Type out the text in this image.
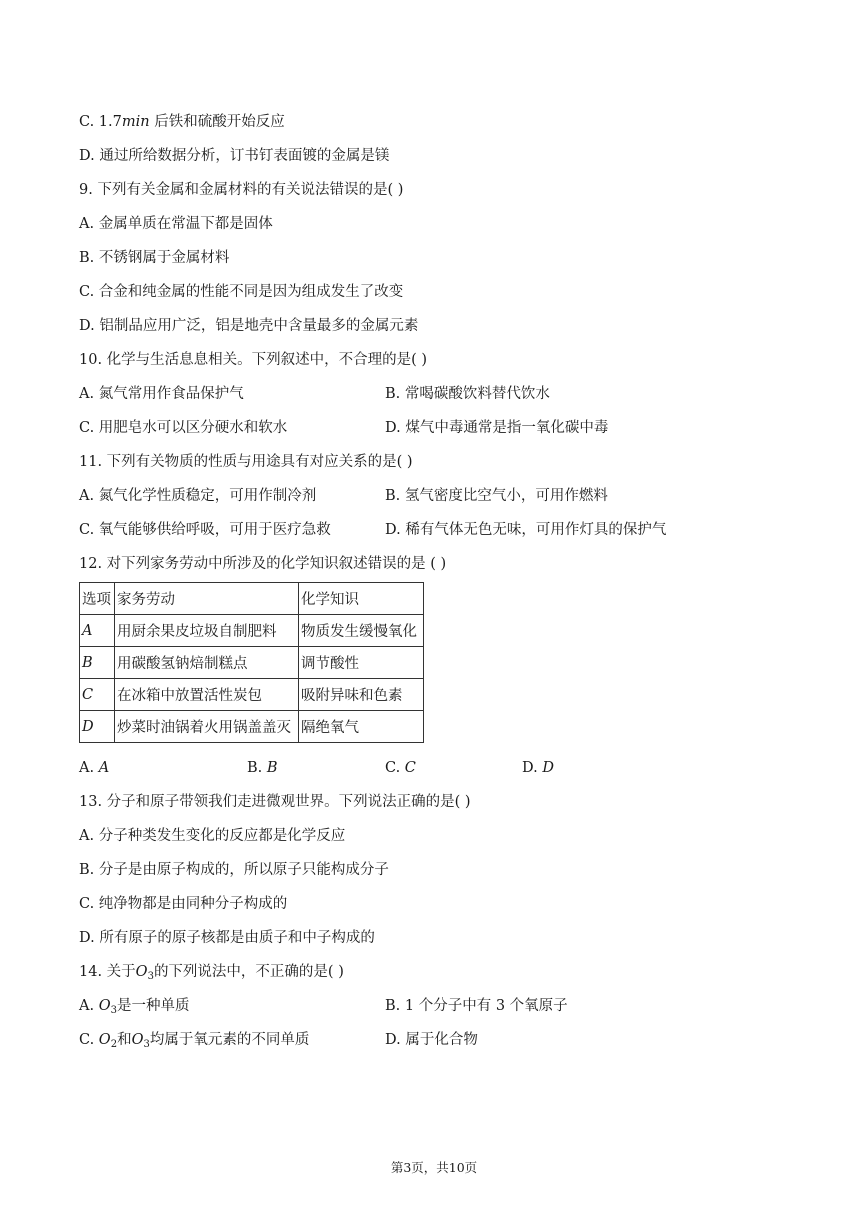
C. 1.7min 后铁和硫酸开始反应
D. 通过所给数据分析，订书钉表面镀的金属是镁
9. 下列有关金属和金属材料的有关说法错误的是( )
A. 金属单质在常温下都是固体
B. 不锈钢属于金属材料
C. 合金和纯金属的性能不同是因为组成发生了改变
D. 铝制品应用广泛，铝是地壳中含量最多的金属元素
10. 化学与生活息息相关。下列叙述中，不合理的是( )
A. 氮气常用作食品保护气	B. 常喝碳酸饮料替代饮水
C. 用肥皂水可以区分硬水和软水	D. 煤气中毒通常是指一氧化碳中毒
11. 下列有关物质的性质与用途具有对应关系的是( )
A. 氮气化学性质稳定，可用作制冷剂	B. 氢气密度比空气小，可用作燃料
C. 氧气能够供给呼吸，可用于医疗急救	D. 稀有气体无色无味，可用作灯具的保护气
12. 对下列家务劳动中所涉及的化学知识叙述错误的是 ( )
选项	家务劳动	化学知识
A	用厨余果皮垃圾自制肥料	物质发生缓慢氧化
B	用碳酸氢钠焙制糕点	调节酸性
C	在冰箱中放置活性炭包	吸附异味和色素
D	炒菜时油锅着火用锅盖盖灭	隔绝氧气
A. A	B. B	C. C	D. D
13. 分子和原子带领我们走进微观世界。下列说法正确的是( )
A. 分子种类发生变化的反应都是化学反应
B. 分子是由原子构成的，所以原子只能构成分子
C. 纯净物都是由同种分子构成的
D. 所有原子的原子核都是由质子和中子构成的
14. 关于$O_3$的下列说法中，不正确的是( )
A. $O_3$是一种单质	B. 1 个分子中有 3 个氧原子
C. $O_2$和$O_3$均属于氧元素的不同单质	D. 属于化合物
第3页，共10页
